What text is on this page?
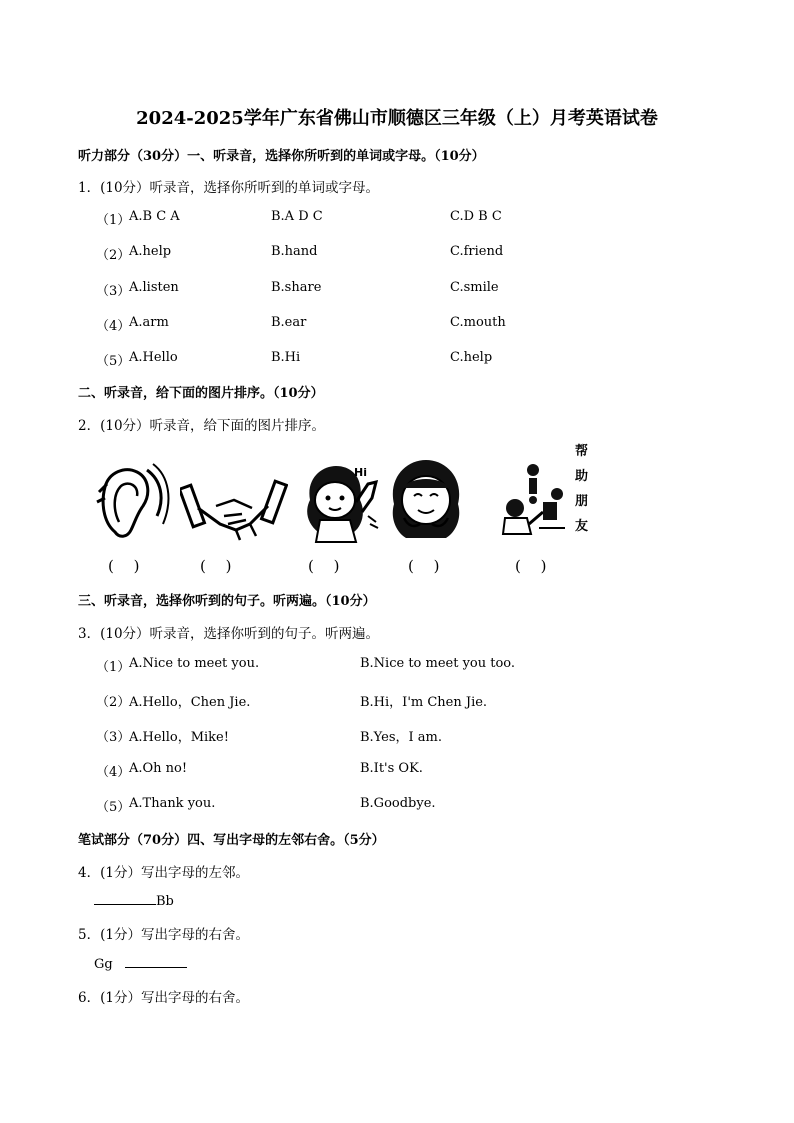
2024-2025学年广东省佛山市顺德区三年级（上）月考英语试卷
听力部分（30分）一、听录音，选择你所听到的单词或字母。（10分）
1．(10分）听录音，选择你所听到的单词或字母。
（1）
A.B C A	B.A D C	C.D B C
（2）
A.help	B.hand	C.friend
（3）
A.listen	B.share	C.smile
（4）
A.arm	B.ear	C.mouth
（5）
A.Hello	B.Hi	C.help
二、听录音，给下面的图片排序。（10分）
2．(10分）听录音，给下面的图片排序。
Hi
帮
助
朋
友
(　 )	(　 )	(　 )	(　 )	(　 )
三、听录音，选择你听到的句子。听两遍。（10分）
3．(10分）听录音，选择你听到的句子。听两遍。
（1）
A.Nice to meet you.	B.Nice to meet you too.
（2）
A.Hello，Chen Jie.	B.Hi，I'm Chen Jie.
（3）
A.Hello，Mike!	B.Yes，I am.
（4）
A.Oh no!	B.It's OK.
（5）
A.Thank you.	B.Goodbye.
笔试部分（70分）四、写出字母的左邻右舍。（5分）
4．(1分）写出字母的左邻。
Bb
5．(1分）写出字母的右舍。
Gg
6．(1分）写出字母的右舍。
